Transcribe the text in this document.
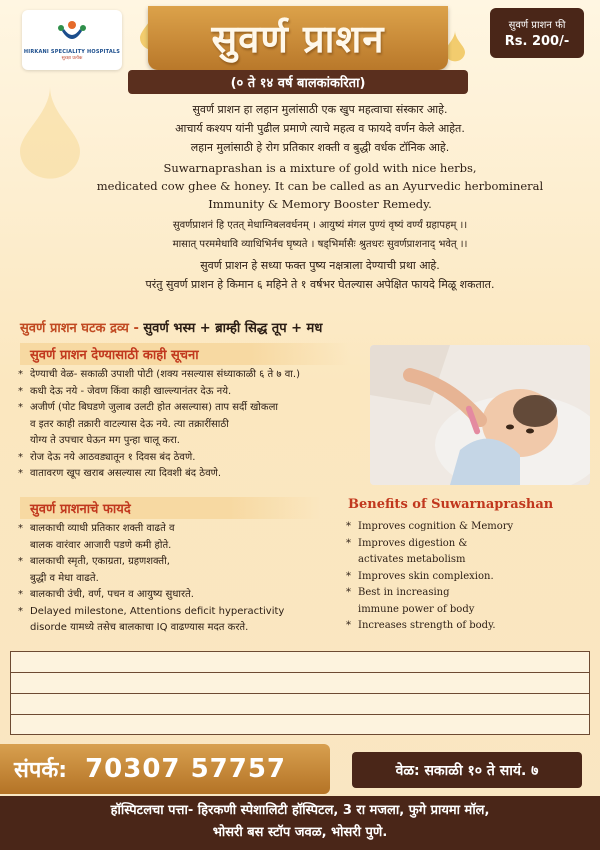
HIRKANI SPECIALITY HOSPITALS
सुरक्षा प्रत्येक	सुवर्ण प्राशन
(० ते १४ वर्ष बालकांकरिता)
सुवर्ण प्राशन फी
Rs. 200/-
सुवर्ण प्राशन हा लहान मुलांसाठी एक खुप महत्वाचा संस्कार आहे.
आचार्य कश्यप यांनी पुढील प्रमाणे त्याचे महत्व व फायदे वर्णन केले आहेत.
लहान मुलांसाठी हे रोग प्रतिकार शक्ती व बुद्धी वर्धक टॉनिक आहे.
Suwarnaprashan is a mixture of gold with nice herbs,
medicated cow ghee & honey. It can be called as an Ayurvedic herbomineral
Immunity & Memory Booster Remedy.
सुवर्णप्राशनं हि एतत् मेधाग्निबलवर्धनम् । आयुष्यं मंगल पुण्यं वृष्यं वर्ण्यं ग्रहापहम् ।।
मासात् परममेधावि व्याधिभिर्नच घृष्यते । षड्भिर्मासैः श्रुतधरः सुवर्णप्राशनाद् भवेत् ।।
सुवर्ण प्राशन हे सध्या फक्त पुष्य नक्षत्राला देण्याची प्रथा आहे.
परंतु सुवर्ण प्राशन हे किमान ६ महिने ते १ वर्षभर घेतल्यास अपेक्षित फायदे मिळू शकतात.
सुवर्ण प्राशन घटक द्रव्य - सुवर्ण भस्म + ब्राम्ही सिद्ध तूप + मध
सुवर्ण प्राशन देण्यासाठी काही सूचना
* देण्याची वेळ- सकाळी उपाशी पोटी (शक्य नसल्यास संध्याकाळी ६ ते ७ वा.)
* कधी देऊ नये - जेवण किंवा काही खाल्ल्यानंतर देऊ नये.
* अजीर्ण (पोट बिघडणे जुलाब उलटी होत असल्यास) ताप सर्दी खोकला
व इतर काही तक्रारी वाटल्यास देऊ नये. त्या तक्रारींसाठी
योग्य ते उपचार घेऊन मग पुन्हा चालू करा.
* रोज देऊ नये आठवड्यातून १ दिवस बंद ठेवणे.
* वातावरण खूप खराब असल्यास त्या दिवशी बंद ठेवणे.
सुवर्ण प्राशनाचे फायदे
* बालकाची व्याधी प्रतिकार शक्ती वाढते व
बालक वारंवार आजारी पडणे कमी होते.
* बालकाची स्मृती, एकाग्रता, ग्रहणशक्ती,
बुद्धी व मेधा वाढते.
* बालकाची उंची, वर्ण, पचन व आयुष्य सुधारते.
* Delayed milestone, Attentions deficit hyperactivity
disorde यामध्ये तसेच बालकाचा IQ वाढण्यास मदत करते.
Benefits of Suwarnaprashan
* Improves cognition & Memory
* Improves digestion &
activates metabolism
* Improves skin complexion.
* Best in increasing
immune power of body
* Increases strength of body.
संपर्क: 70307 57757	वेळ: सकाळी १० ते सायं. ७
हॉस्पिटलचा पत्ता- हिरकणी स्पेशालिटी हॉस्पिटल, 3 रा मजला, फुगे प्रायमा मॉल,
भोसरी बस स्टॉप जवळ, भोसरी पुणे.
